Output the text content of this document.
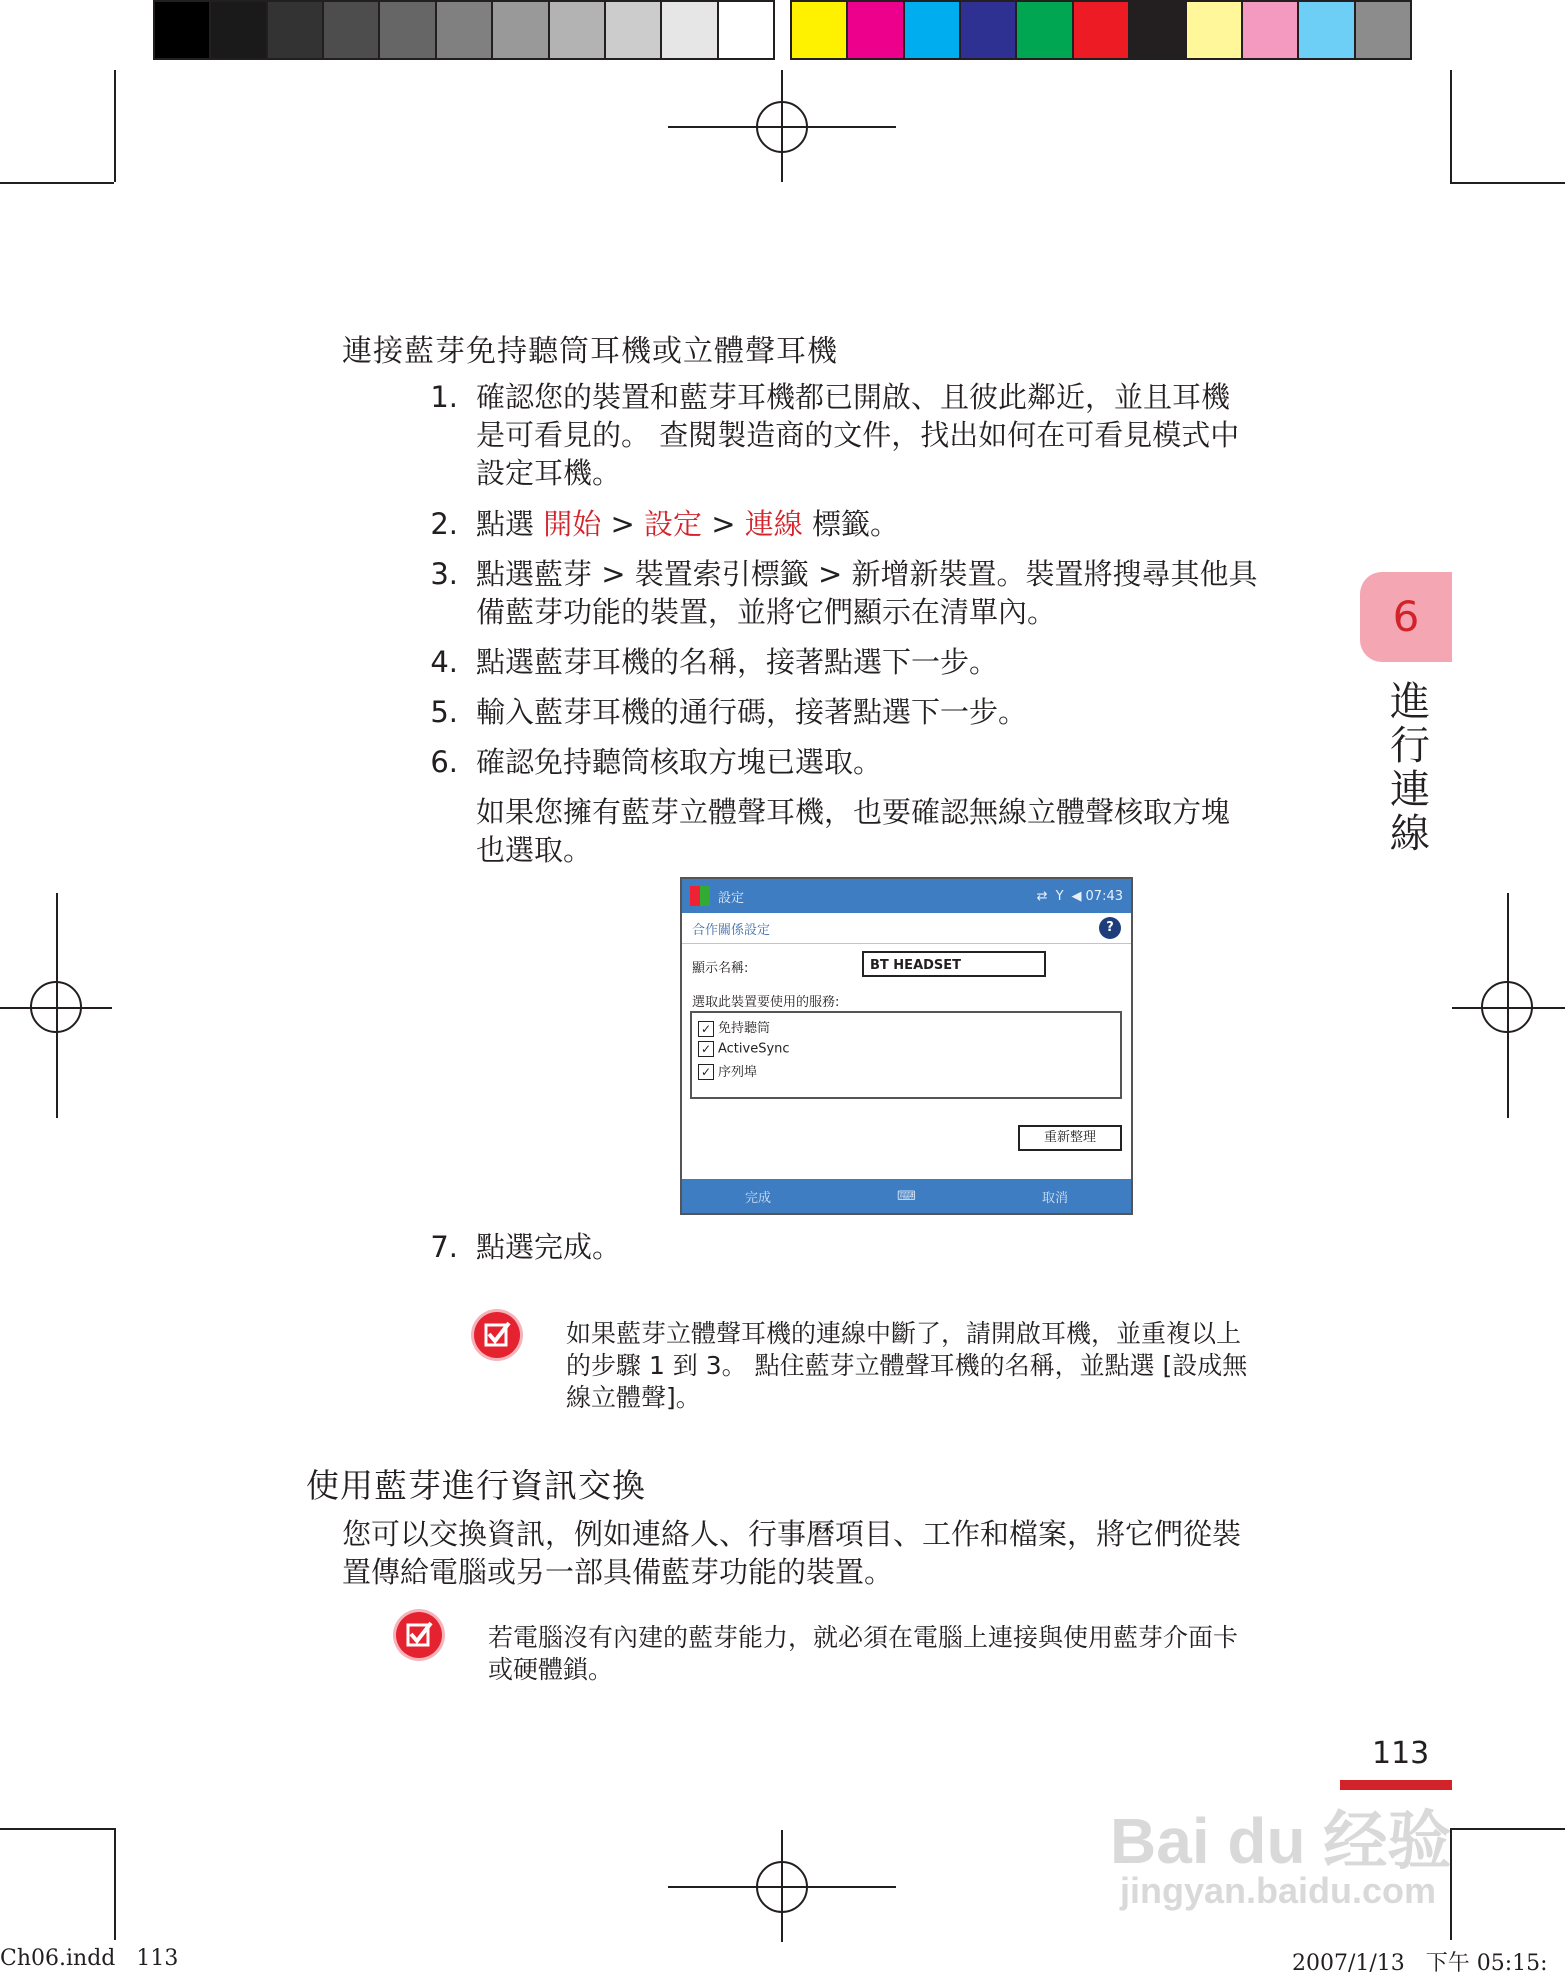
連接藍芽免持聽筒耳機或立體聲耳機
1. 確認您的裝置和藍芽耳機都已開啟、且彼此鄰近，並且耳機
是可看見的。 查閱製造商的文件，找出如何在可看見模式中
設定耳機。
2. 點選 開始 > 設定 > 連線 標籤。
3. 點選藍芽 > 裝置索引標籤 > 新增新裝置。裝置將搜尋其他具
備藍芽功能的裝置，並將它們顯示在清單內。
4. 點選藍芽耳機的名稱，接著點選下一步。
5. 輸入藍芽耳機的通行碼，接著點選下一步。
6. 確認免持聽筒核取方塊已選取。
如果您擁有藍芽立體聲耳機，也要確認無線立體聲核取方塊
也選取。
設定	⇄ Y ◀ 07:43
合作關係設定	?
顯示名稱:	BT HEADSET
選取此裝置要使用的服務:
✓ 免持聽筒
✓ ActiveSync
✓ 序列埠
重新整理
完成	⌨	取消
7. 點選完成。
如果藍芽立體聲耳機的連線中斷了，請開啟耳機，並重複以上
的步驟 1 到 3。 點住藍芽立體聲耳機的名稱，並點選 [設成無
線立體聲]。
使用藍芽進行資訊交換
您可以交換資訊，例如連絡人、行事曆項目、工作和檔案，將它們從裝
置傳給電腦或另一部具備藍芽功能的裝置。
若電腦沒有內建的藍芽能力，就必須在電腦上連接與使用藍芽介面卡
或硬體鎖。
6
進
行
連
線
113
Bai du 经验
jingyan.baidu.com
Ch06.indd   113	2007/1/13   下午 05:15:
